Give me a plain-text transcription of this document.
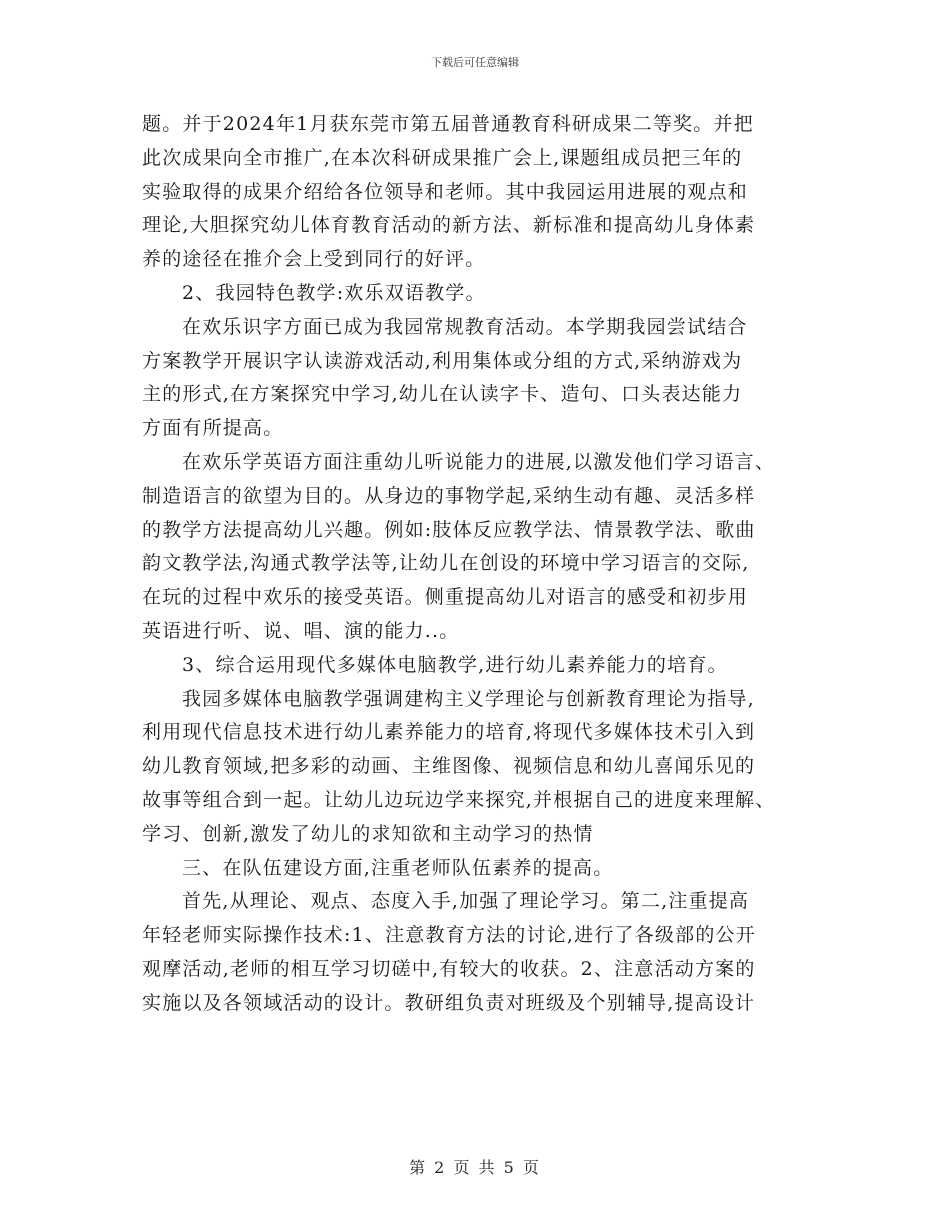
下载后可任意编辑

题。并于2024年1月获东莞市第五届普通教育科研成果二等奖。并把
此次成果向全市推广,在本次科研成果推广会上,课题组成员把三年的
实验取得的成果介绍给各位领导和老师。其中我园运用进展的观点和
理论,大胆探究幼儿体育教育活动的新方法、新标准和提高幼儿身体素
养的途径在推介会上受到同行的好评。

2、我园特色教学:欢乐双语教学。

在欢乐识字方面已成为我园常规教育活动。本学期我园尝试结合
方案教学开展识字认读游戏活动,利用集体或分组的方式,采纳游戏为
主的形式,在方案探究中学习,幼儿在认读字卡、造句、口头表达能力
方面有所提高。

在欢乐学英语方面注重幼儿听说能力的进展,以激发他们学习语言、
制造语言的欲望为目的。从身边的事物学起,采纳生动有趣、灵活多样
的教学方法提高幼儿兴趣。例如:肢体反应教学法、情景教学法、歌曲
韵文教学法,沟通式教学法等,让幼儿在创设的环境中学习语言的交际,
在玩的过程中欢乐的接受英语。侧重提高幼儿对语言的感受和初步用
英语进行听、说、唱、演的能力..。

3、综合运用现代多媒体电脑教学,进行幼儿素养能力的培育。

我园多媒体电脑教学强调建构主义学理论与创新教育理论为指导,
利用现代信息技术进行幼儿素养能力的培育,将现代多媒体技术引入到
幼儿教育领域,把多彩的动画、主维图像、视频信息和幼儿喜闻乐见的
故事等组合到一起。让幼儿边玩边学来探究,并根据自己的进度来理解、
学习、创新,激发了幼儿的求知欲和主动学习的热情

三、在队伍建设方面,注重老师队伍素养的提高。

首先,从理论、观点、态度入手,加强了理论学习。第二,注重提高
年轻老师实际操作技术:1、注意教育方法的讨论,进行了各级部的公开
观摩活动,老师的相互学习切磋中,有较大的收获。2、注意活动方案的
实施以及各领域活动的设计。教研组负责对班级及个别辅导,提高设计

第 2 页 共 5 页
